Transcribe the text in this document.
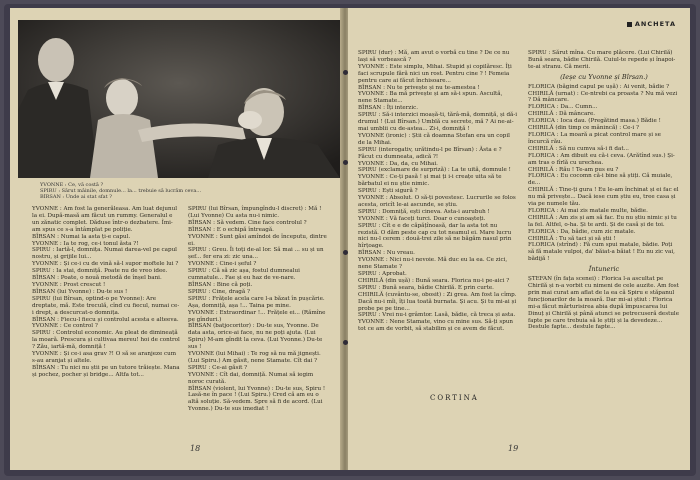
YVONNE : Ce, vă costă ?
SPIRU : Sărut mâinile, domnule... la... trebuie să lucrăm ceva...
BÎRSAN : Unde ai stat sfat ?

YVONNE : Am fost la generăleasa. Am luat dejunul la ei. După-masă am făcut un rummy. Generalul e un zănatic complet. Dăduse într-o dezbatere. Îmi-am spus ce s-a întâmplat pe poliție.

BÎRSAN : Numai la asta ți-e capul.

YVONNE : Ia te rog, ce-i tonul ăsta ?!

SPIRU : Iartă-l, domnița. Numai darea-vel pe capul nostru, și grijile lui...

YVONNE : Și ce-i cu de vină să-l supor moftele lui ?

SPIRU : Ia stai, domniță. Poate nu de vreo idee.

BÎRSAN : Poate, o nouă metodă de înșel bani.

YVONNE : Prost crescut !

BÎRSAN (lui Yvonne) : Du-te sus !

SPIRU (lui Bîrsan, optind-o pe Yvonne): Are dreptate, mă. Este treculă, cînd cu fiecul, numai ce-i drept, a descurcat-o domnița.

BÎRSAN : Fiecu-l fiecu și controlul acesta e alteeva.

YVONNE : Ce control ?

SPIRU : Controlul economic. Au pleat de dimineață la moară. Prescura și cultivaa mereu! hoi de control ? Zău, iartă-mă, domniță !

YVONNE : Și ce-i asa grav ?! O să se aranjeze cum s-au aranjat și altele.

BÎRSAN : Tu nici nu știi pe un tutore trăiește. Mana și pochez, pocher și bridge... Altfa tot...

SPIRU (lui Bîrsan, împungîndu-l discret) : Mă ! (Lui Yvonne) Cu asta nu-i nimic.

BÎRSAN : Să vedem. Cine face controlul ?

BÎRSAN : E o echipă întreagă.

YVONNE : Sunt găsi amîndoi de începutu, dintre ei.

SPIRU : Greu. Îi toți de-al lor. Să mai ... su și un șef... fer era zi: zic una...

YVONNE : Cine-i șeful ?

SPIRU : Că să zic așa, fostul dumnealui cumnatule... Fae și eu haz de ve-nare.

BÎRSAN : Bine că poți.

SPIRU : Cine, dragă ?

SPIRU : Frățele acela care l-a băzat în pușcărie. Așa, domniță, așa !... Taina pe mine.

YVONNE : Extraordinar !... Frățele ei... (Rămîne pe gînduri.)

BÎRSAN (batjocoritor) : Du-te sus, Yvonne. De data asta, orice-ai face, nu ne poți ajuta. (Lui Spiru) M-am gîndit la ceva. (Lui Yvonne.) Du-te sus !

YVONNE (lui Mihai) : Te rog să nu mă jignești. (Lui Spiru.) Am găsit, nene Stamate. Cît dai ?

SPIRU : Ce-ai găsit ?

YVONNE : Cît dai, domniță. Numai să iegim noroc curată.

BÎRSAN (violent, lui Yvonne) : Du-te sus, Spiru ! Lasă-ne în pace ! (Lui Spiru.) Cred că am eu o altă soluție. Să-vedem. Spre să fi de acord. (Lui Yvonne.) Du-te sus imediat !

18
ANCHETA

SPIRU (dur) : Mă, am avut o vorbă cu tine ? De ce nu lași să vorbească ?

YVONNE : Este simplu, Mihai. Stupid și copilăresc. Îți faci scrupule fără nici un rost. Pentru cine ? ! Femeia pentru care ai făcut închisoare...

BÎRSAN : Nu te privește și nu te-amestea !

YVONNE : Ba mă privește și am să-i spun. Ascultă, nene Stamate...

BÎRSAN : Îți interzic.

SPIRU : Să-i interzici moașă-ti, tărâ-mă, domniță, și dă-i drumul ! (Lui Bîrsan.) Umblă cu secrete, mă ? Ai ne-ai-mai umblii cu de-astea... Zi-i, domniță !

YVONNE (ironic) : Știi că doamna Stefan era un copil de la Mihai.

SPIRU (interogativ, urătindu-l pe Bîrsan) : Ăsta e ? Făcut cu dumneata, adică ?!

YVONNE : Da, da, cu Mihai.

SPIRU (exclamare de surpriză) : La te uită, domnule !

YVONNE : Ce-ți pasă ! și mai ți i-i creațe uita să te bărbatul ei nu știe nimic.

SPIRU : Ești sigură ?

YVONNE : Absolut. O să-ți povestesc. Lucrurile se folos acesta, oricît le-ai ascunde, se știu.

SPIRU : Domniță, ești cineva. Asta-i aurubuh !

YVONNE : Vă faceți turci. Doar o cunoașteți.

SPIRU : Cît e e de căpățînoasă, dar la asta tot nu rezistă. O dăm peste cap cu tot neamul ei. Mare lucru nici nu-l cerem : două-trei zile să ne băgăm nasul prin hîrțoage.

BÎRSAN : Nu vreau.

YVONNE : Nici nu-i nevoie. Mă duc eu la ea. Ce zici, nene Stamate ?

SPIRU : Aprobat.

CHIRILĂ (din ușă) : Bună seara. Florica nu-i pe-aici ?

SPIRU : Bună seara, bădie Chirilă. E prin curte.

CHIRILĂ (cuvântu-se, obosit) : Zi grea. Am fost la cîmp. Dacă nu-i mîi, îți lua toată burnata. Și acu. Și tu mi-ai și probe pe pe tine...

SPIRU : Vrei nu-i grâmtor. Lasă, bădie, că treca și asta.

YVONNE : Nene Stamate, vino cu mine sus. Să-ți spun tot ce am de vorbit, să stabilim și ce avem de făcut.

SPIRU : Sărut mîna. Cu mare plăcere. (Lui Chirilă) Bună seara, bădie Chirilă. Cuiul-te repede și înapoi-te-ai stranu. Că merii.

(Ieșe cu Yvonne și Bîrsan.)

FLORICA (băgind capul pe ușă) : Ai venit, bădie ?

CHIRILĂ (urnat) : Ce-ntrebi ca proasta ? Nu mă vezi ? Dă mâncare.

FLORICA : Da... Cumn...

CHIRILĂ : Dă mâncare.

FLORICA : Ioca dau. (Pregătind masa.) Bădie !

CHIRILĂ (din timp ce mânincă) : Ce-i ?

FLORICA : La moară a picat control mare și se încurcă rău.

CHIRILĂ : Să nu cumva să-i fi dat...

FLORICA : Am dibuit eu că-i ceva. (Arătînd sus.) Și-am tras o fîrlă cu urechea.

CHIRILĂ : Rău ! Te-am pus eu ?

FLORICA : Eu cocomn că-i bine să știți. Că muiale, de...

CHIRILĂ : Tine-ți gura ! Eu le-am închinat și ei fac el nu mă privește... Dacă iese cum știu eu, tree casa și via pe numele tău.

FLORICA : Ai mai zis matale multe, bădie.

CHIRILĂ : Am zis și am să fac. Eu nu știu nimic și tu la fel. Altfel, o-ha. Și te ardi. Și de casă și de toi.

FLORICA : Da, bădie, cum zic matale.

CHIRILĂ : Tu să taci și să știi !

FLORICA (strînd) : Fă cum spui matale, bădie. Poți să fă matale vulpoi, da' băiat-a băiat ! Eu nu zic vai, bădijă !

Întuneric

ȘTEFAN (în fața scenei) : Florica l-a ascultat pe Chirilă și n-a vorbit cu nimeni de cele auzite. Am fost prin mai curat am aflat de la ea că Spiru e stăpanul funcționarilor de la moară. Dar mi-ai știut : Florica mi-a făcut mărturisirea abia după împuscarea lui Dinuț și Chirilă și până atunci se petrecuseră destule fapte pe care trebuia să le știți și la devedeze... Destule fapte... destule fapte...

CORTINA
19
